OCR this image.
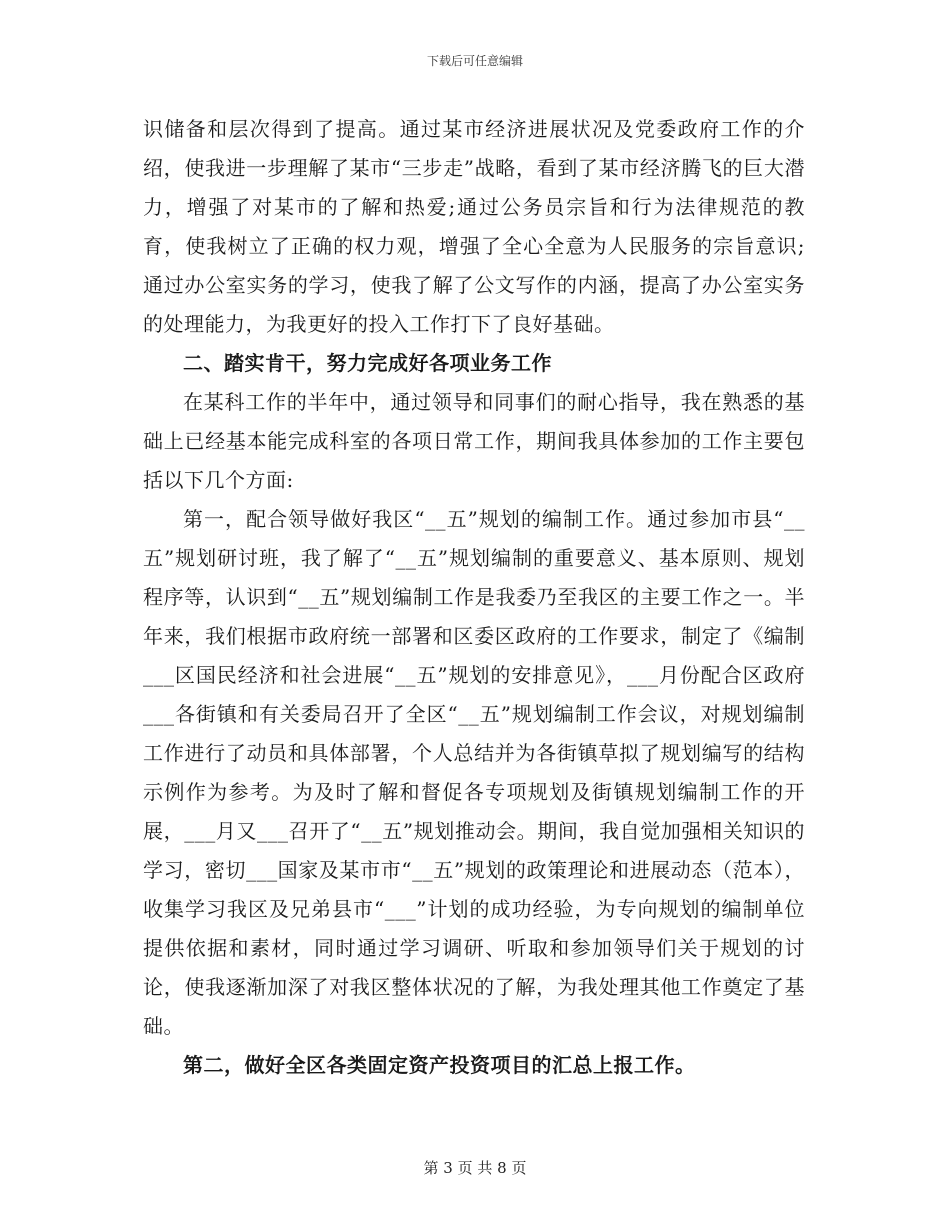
下载后可任意编辑

识储备和层次得到了提高。通过某市经济进展状况及党委政府工作的介绍，使我进一步理解了某市“三步走”战略，看到了某市经济腾飞的巨大潜力，增强了对某市的了解和热爱;通过公务员宗旨和行为法律规范的教育，使我树立了正确的权力观，增强了全心全意为人民服务的宗旨意识;通过办公室实务的学习，使我了解了公文写作的内涵，提高了办公室实务的处理能力，为我更好的投入工作打下了良好基础。

二、踏实肯干，努力完成好各项业务工作

在某科工作的半年中，通过领导和同事们的耐心指导，我在熟悉的基础上已经基本能完成科室的各项日常工作，期间我具体参加的工作主要包括以下几个方面:

第一，配合领导做好我区“__五”规划的编制工作。通过参加市县“__五”规划研讨班，我了解了“__五”规划编制的重要意义、基本原则、规划程序等，认识到“__五”规划编制工作是我委乃至我区的主要工作之一。半年来，我们根据市政府统一部署和区委区政府的工作要求，制定了《编制___区国民经济和社会进展“__五”规划的安排意见》，___月份配合区政府___各街镇和有关委局召开了全区“__五”规划编制工作会议，对规划编制工作进行了动员和具体部署，个人总结并为各街镇草拟了规划编写的结构示例作为参考。为及时了解和督促各专项规划及街镇规划编制工作的开展，___月又___召开了“__五”规划推动会。期间，我自觉加强相关知识的学习，密切___国家及某市市“__五”规划的政策理论和进展动态（范本），收集学习我区及兄弟县市“___”计划的成功经验，为专向规划的编制单位提供依据和素材，同时通过学习调研、听取和参加领导们关于规划的讨论，使我逐渐加深了对我区整体状况的了解，为我处理其他工作奠定了基础。

第二，做好全区各类固定资产投资项目的汇总上报工作。

第 3 页 共 8 页
